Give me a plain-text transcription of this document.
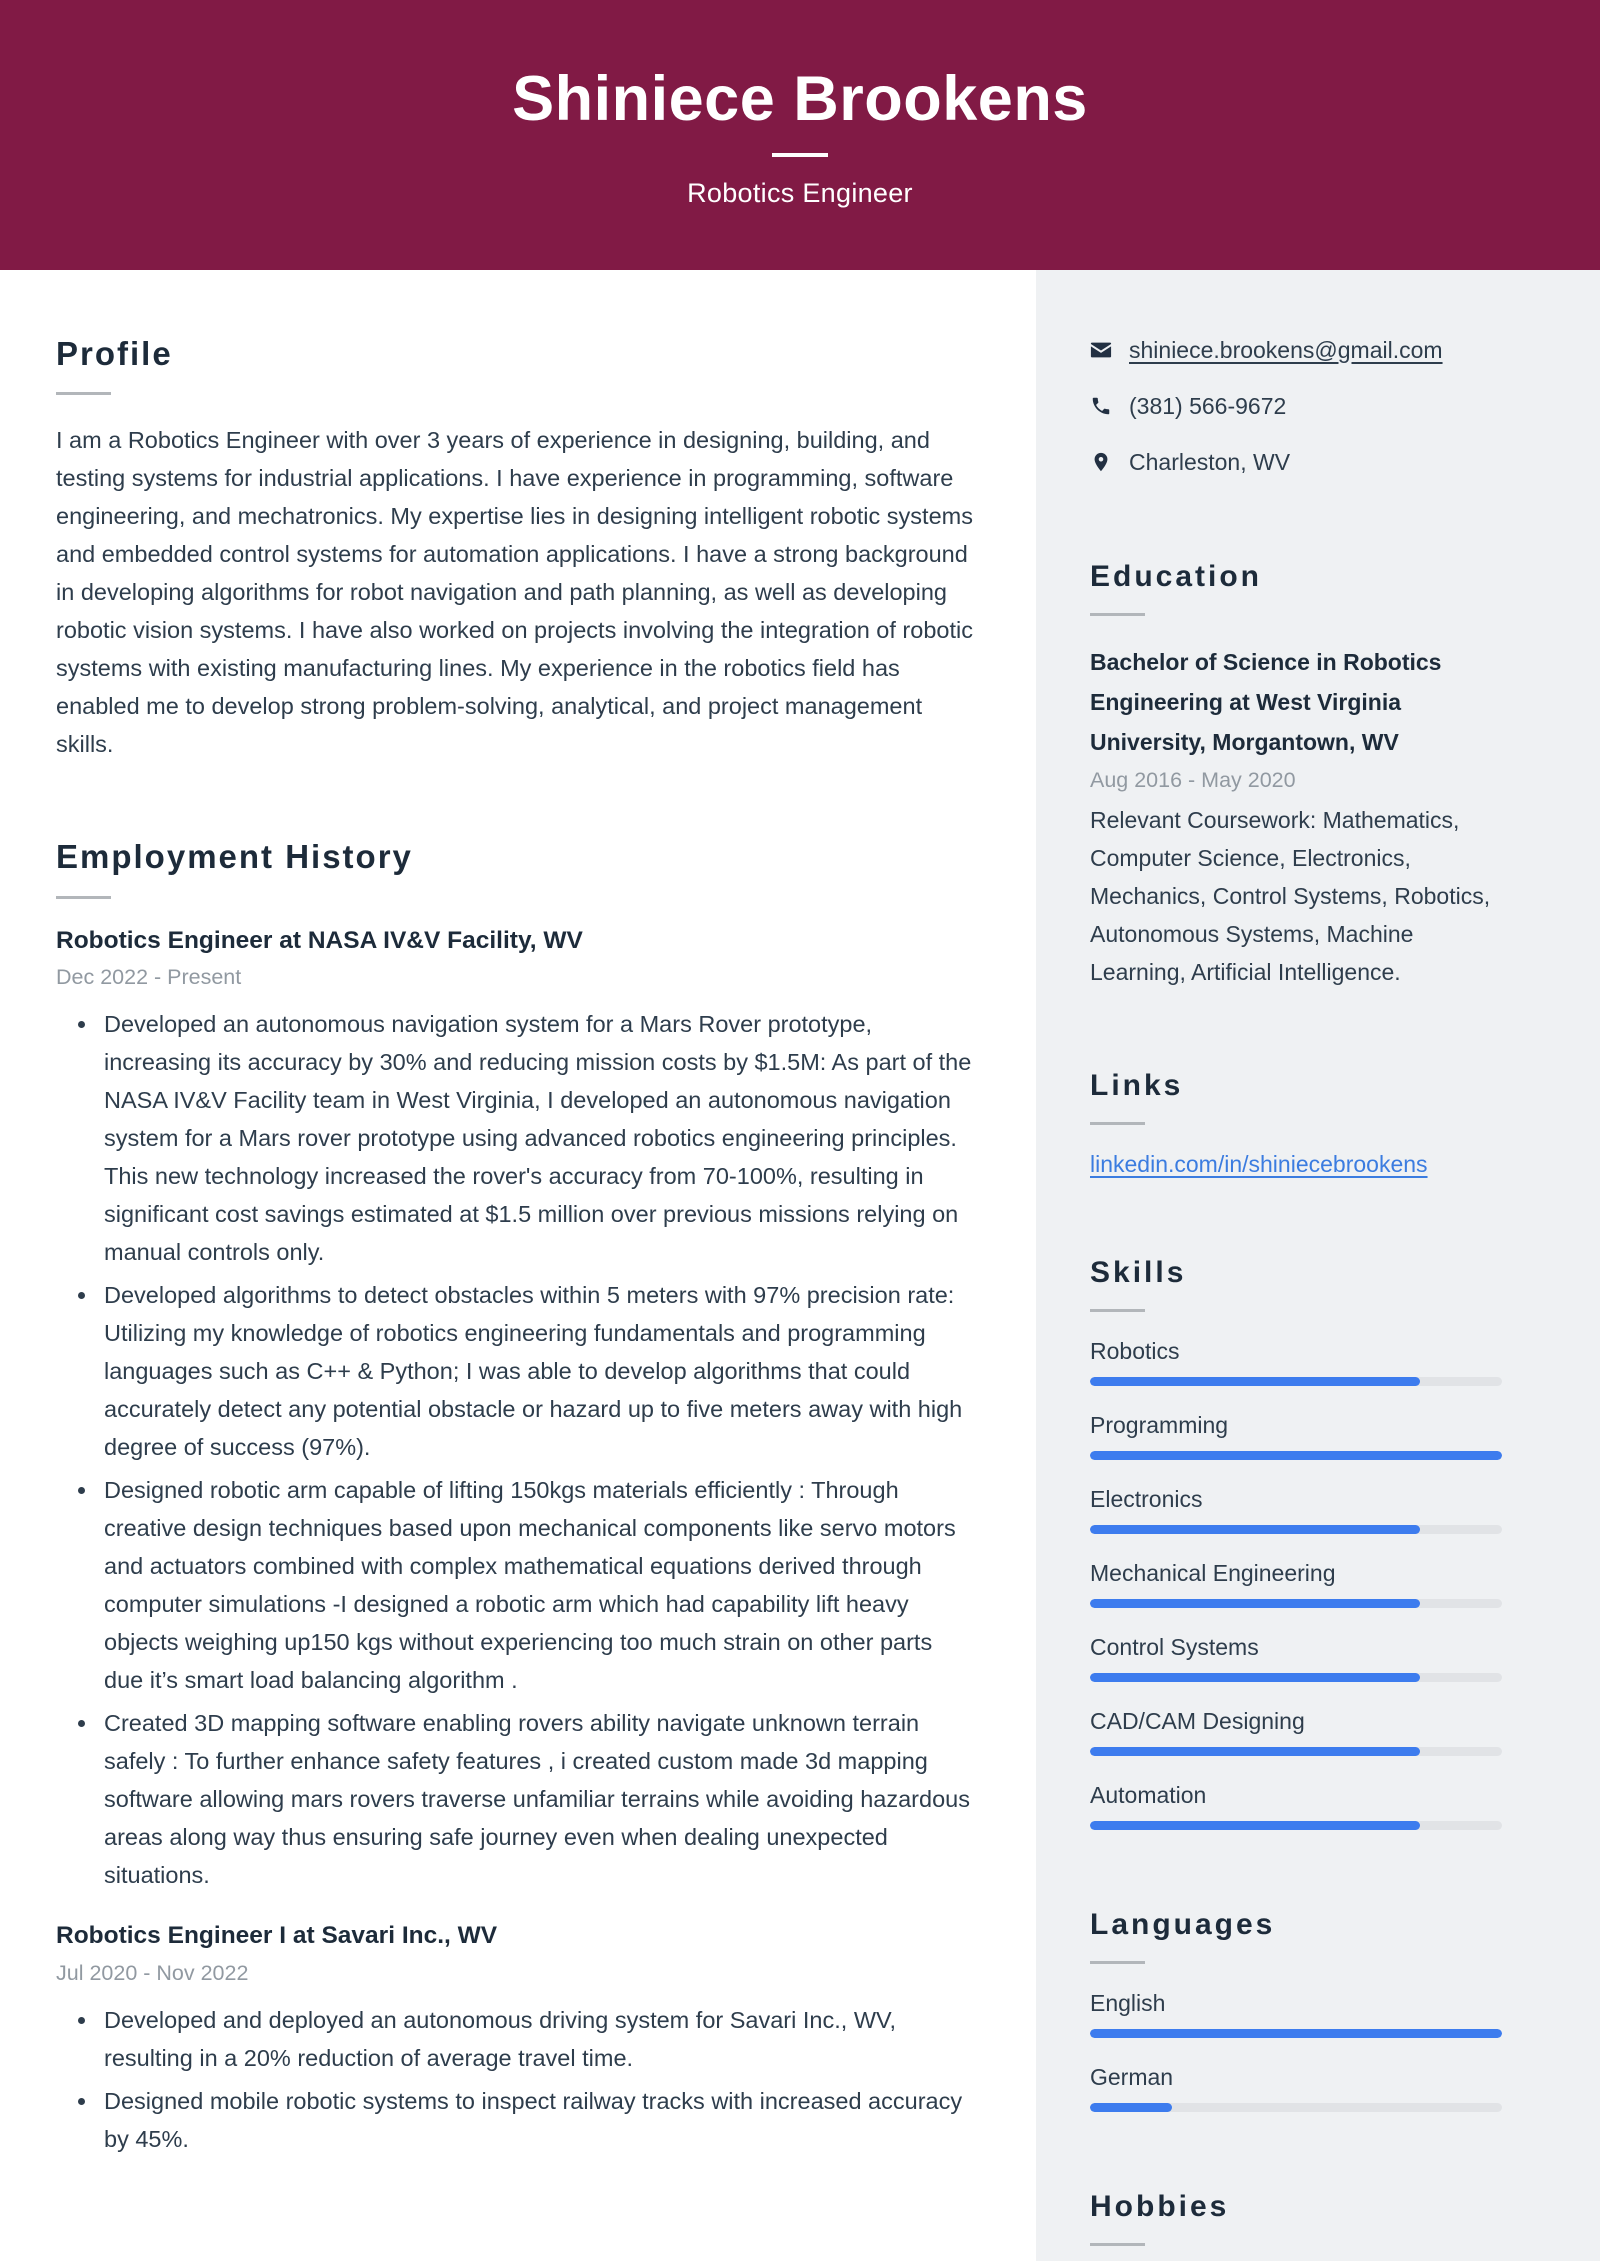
Shiniece Brookens
Robotics Engineer
Profile

I am a Robotics Engineer with over 3 years of experience in designing, building, and testing systems for industrial applications. I have experience in programming, software engineering, and mechatronics. My expertise lies in designing intelligent robotic systems and embedded control systems for automation applications. I have a strong background in developing algorithms for robot navigation and path planning, as well as developing robotic vision systems. I have also worked on projects involving the integration of robotic systems with existing manufacturing lines. My experience in the robotics field has enabled me to develop strong problem-solving, analytical, and project management skills.

Employment History
Robotics Engineer at NASA IV&V Facility, WV
Dec 2022 - Present
Developed an autonomous navigation system for a Mars Rover prototype, increasing its accuracy by 30% and reducing mission costs by $1.5M: As part of the NASA IV&V Facility team in West Virginia, I developed an autonomous navigation system for a Mars rover prototype using advanced robotics engineering principles. This new technology increased the rover's accuracy from 70-100%, resulting in significant cost savings estimated at $1.5 million over previous missions relying on manual controls only.
Developed algorithms to detect obstacles within 5 meters with 97% precision rate: Utilizing my knowledge of robotics engineering fundamentals and programming languages such as C++ & Python; I was able to develop algorithms that could accurately detect any potential obstacle or hazard up to five meters away with high degree of success (97%).
Designed robotic arm capable of lifting 150kgs materials efficiently : Through creative design techniques based upon mechanical components like servo motors and actuators combined with complex mathematical equations derived through computer simulations -I designed a robotic arm which had capability lift heavy objects weighing up150 kgs without experiencing too much strain on other parts due it’s smart load balancing algorithm .
Created 3D mapping software enabling rovers ability navigate unknown terrain safely : To further enhance safety features , i created custom made 3d mapping software allowing mars rovers traverse unfamiliar terrains while avoiding hazardous areas along way thus ensuring safe journey even when dealing unexpected situations.
Robotics Engineer I at Savari Inc., WV
Jul 2020 - Nov 2022
Developed and deployed an autonomous driving system for Savari Inc., WV, resulting in a 20% reduction of average travel time.
Designed mobile robotic systems to inspect railway tracks with increased accuracy by 45%.
shiniece.brookens@gmail.com
(381) 566-9672
Charleston, WV
Education
Bachelor of Science in Robotics Engineering at West Virginia University, Morgantown, WV
Aug 2016 - May 2020
Relevant Coursework: Mathematics, Computer Science, Electronics, Mechanics, Control Systems, Robotics, Autonomous Systems, Machine Learning, Artificial Intelligence.
Links
linkedin.com/in/shiniecebrookens
Skills
Robotics
Programming
Electronics
Mechanical Engineering
Control Systems
CAD/CAM Designing
Automation
Languages
English
German
Hobbies
